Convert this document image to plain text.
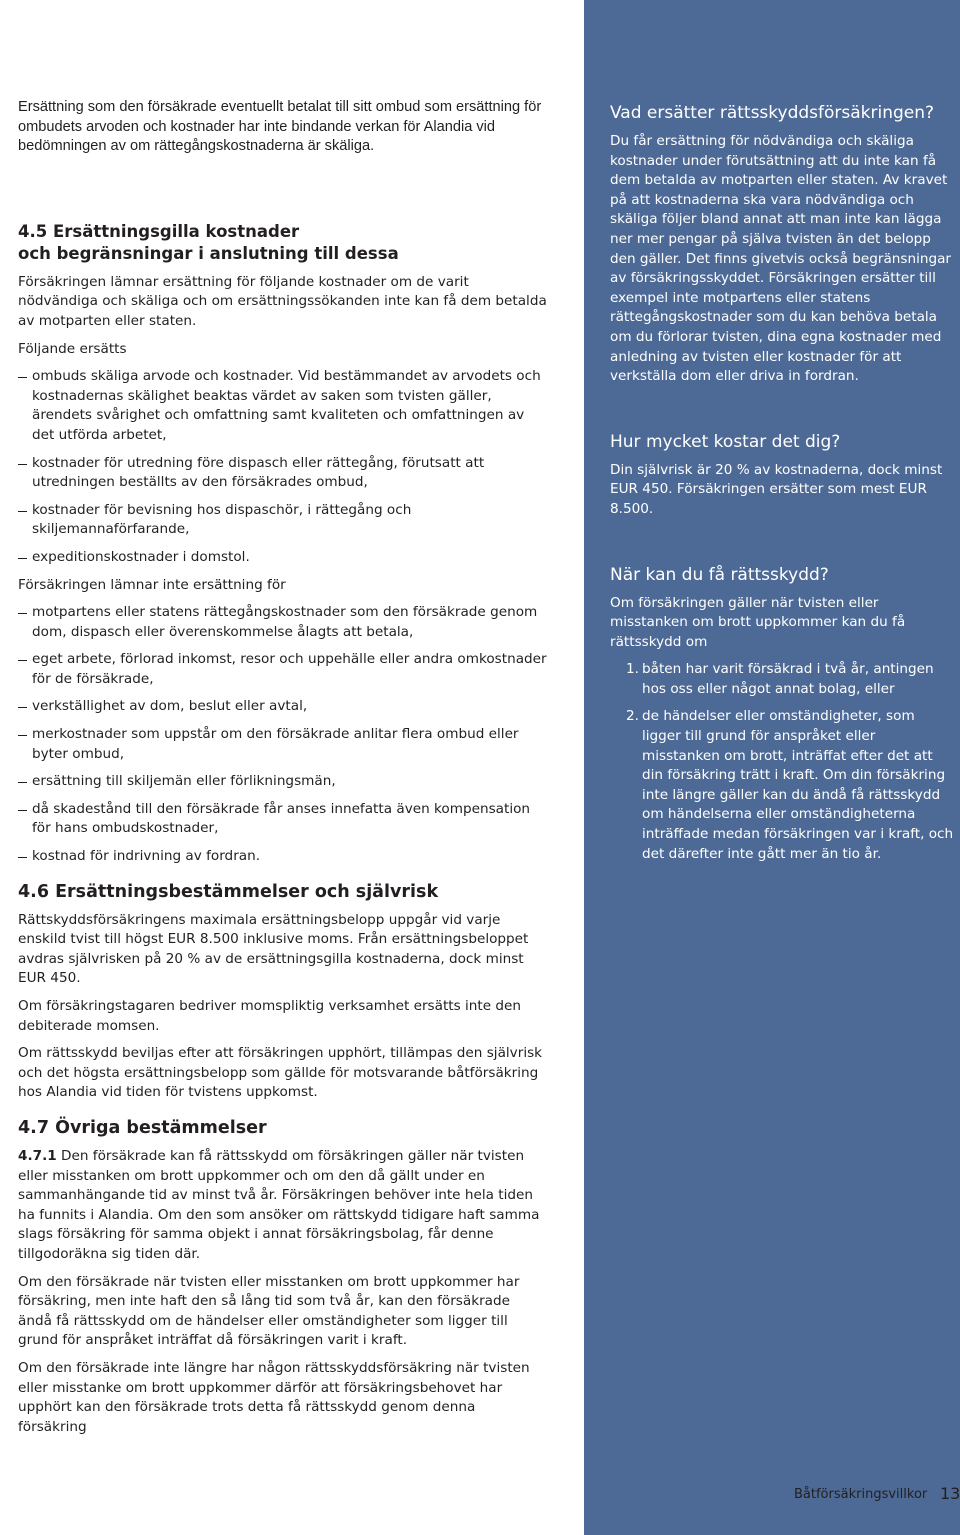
Ersättning som den försäkrade eventuellt betalat till sitt ombud som ersättning för ombudets arvoden och kostnader har inte bindande verkan för Alandia vid bedömningen av om rättegångskostnaderna är skäliga.

4.5 Ersättningsgilla kostnader
och begränsningar i anslutning till dessa

Försäkringen lämnar ersättning för följande kostnader om de varit nödvändiga och skäliga och om ersättningssökanden inte kan få dem betalda av motparten eller staten.

Följande ersätts

ombuds skäliga arvode och kostnader. Vid bestämmandet av arvodets och kostnadernas skälighet beaktas värdet av saken som tvisten gäller, ärendets svårighet och omfattning samt kvaliteten och omfattningen av det utförda arbetet,
kostnader för utredning före dispasch eller rättegång, förutsatt att utredningen beställts av den försäkrades ombud,
kostnader för bevisning hos dispaschör, i rättegång och skiljemannaförfarande,
expeditionskostnader i domstol.

Försäkringen lämnar inte ersättning för

motpartens eller statens rättegångskostnader som den försäkrade genom dom, dispasch eller överenskommelse ålagts att betala,
eget arbete, förlorad inkomst, resor och uppehälle eller andra omkostnader för de försäkrade,
verkställighet av dom, beslut eller avtal,
merkostnader som uppstår om den försäkrade anlitar flera ombud eller byter ombud,
ersättning till skiljemän eller förlikningsmän,
då skadestånd till den försäkrade får anses innefatta även kompensation för hans ombudskostnader,
kostnad för indrivning av fordran.
4.6 Ersättningsbestämmelser och självrisk

Rättskyddsförsäkringens maximala ersättningsbelopp uppgår vid varje enskild tvist till högst EUR 8.500 inklusive moms. Från ersättningsbeloppet avdras självrisken på 20 % av de ersättningsgilla kostnaderna, dock minst EUR 450.

Om försäkringstagaren bedriver momspliktig verksamhet ersätts inte den debiterade momsen.

Om rättsskydd beviljas efter att försäkringen upphört, tillämpas den självrisk och det högsta ersättningsbelopp som gällde för motsvarande båtförsäkring hos Alandia vid tiden för tvistens uppkomst.

4.7 Övriga bestämmelser

4.7.1 Den försäkrade kan få rättsskydd om försäkringen gäller när tvisten eller misstanken om brott uppkommer och om den då gällt under en sammanhängande tid av minst två år. Försäkringen behöver inte hela tiden ha funnits i Alandia. Om den som ansöker om rättskydd tidigare haft samma slags försäkring för samma objekt i annat försäkringsbolag, får denne tillgodoräkna sig tiden där.

Om den försäkrade när tvisten eller misstanken om brott uppkommer har försäkring, men inte haft den så lång tid som två år, kan den försäkrade ändå få rättsskydd om de händelser eller omständigheter som ligger till grund för anspråket inträffat då försäkringen varit i kraft.

Om den försäkrade inte längre har någon rättsskyddsförsäkring när tvisten eller misstanke om brott uppkommer därför att försäkringsbehovet har upphört kan den försäkrade trots detta få rättsskydd genom denna försäkring

Vad ersätter rättsskyddsförsäkringen?

Du får ersättning för nödvändiga och skäliga kostnader under förutsättning att du inte kan få dem betalda av motparten eller staten. Av kravet på att kostnaderna ska vara nödvändiga och skäliga följer bland annat att man inte kan lägga ner mer pengar på själva tvisten än det belopp den gäller. Det finns givetvis också begränsningar av försäkringsskyddet. Försäkringen ersätter till exempel inte motpartens eller statens rättegångskostnader som du kan behöva betala om du förlorar tvisten, dina egna kostnader med anledning av tvisten eller kostnader för att verkställa dom eller driva in fordran.

Hur mycket kostar det dig?

Din självrisk är 20 % av kostnaderna, dock minst EUR 450. Försäkringen ersätter som mest EUR 8.500.

När kan du få rättsskydd?

Om försäkringen gäller när tvisten eller misstanken om brott uppkommer kan du få rättsskydd om

1. båten har varit försäkrad i två år, antingen hos oss eller något annat bolag, eller
2. de händelser eller omständigheter, som ligger till grund för anspråket eller misstanken om brott, inträffat efter det att din försäkring trätt i kraft. Om din försäkring inte längre gäller kan du ändå få rättsskydd om händelserna eller omständigheterna inträffade medan försäkringen var i kraft, och det därefter inte gått mer än tio år.
Båtförsäkringsvillkor 13
